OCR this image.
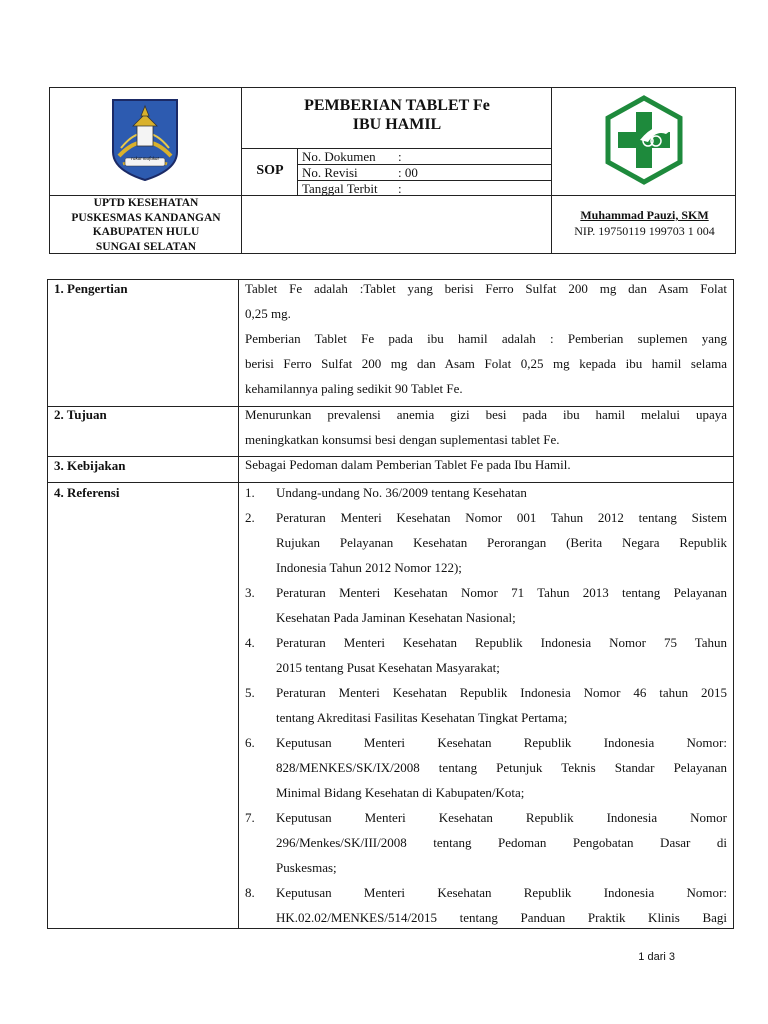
rakat mufakat
PEMBERIAN TABLET Fe
IBU HAMIL
SOP
No. Dokumen :
No. Revisi	: 00
Tanggal Terbit :
UPTD KESEHATAN
PUSKESMAS KANDANGAN
KABUPATEN HULU
SUNGAI SELATAN
Muhammad Pauzi, SKM
NIP. 19750119 199703 1 004
1. Pengertian	Tablet Fe adalah :Tablet yang berisi Ferro Sulfat 200 mg dan Asam Folat
0,25 mg.
Pemberian Tablet Fe pada ibu hamil adalah : Pemberian suplemen yang
berisi Ferro Sulfat 200 mg dan Asam Folat 0,25 mg kepada ibu hamil selama
kehamilannya paling sedikit 90 Tablet Fe.
2. Tujuan	Menurunkan prevalensi anemia gizi besi pada ibu hamil melalui upaya
meningkatkan konsumsi besi dengan suplementasi tablet Fe.
3. Kebijakan	Sebagai Pedoman dalam Pemberian Tablet Fe pada Ibu Hamil.
4. Referensi	1.	Undang-undang No. 36/2009 tentang Kesehatan
2.	Peraturan Menteri Kesehatan Nomor 001 Tahun 2012 tentang Sistem
Rujukan Pelayanan Kesehatan Perorangan (Berita Negara Republik
Indonesia Tahun 2012 Nomor 122);
3.	Peraturan Menteri Kesehatan Nomor 71 Tahun 2013 tentang Pelayanan
Kesehatan Pada Jaminan Kesehatan Nasional;
4.	Peraturan Menteri Kesehatan Republik Indonesia Nomor 75 Tahun
2015 tentang Pusat Kesehatan Masyarakat;
5.	Peraturan Menteri Kesehatan Republik Indonesia Nomor 46 tahun 2015
tentang Akreditasi Fasilitas Kesehatan Tingkat Pertama;
6.	Keputusan Menteri Kesehatan Republik Indonesia Nomor:
828/MENKES/SK/IX/2008 tentang Petunjuk Teknis Standar Pelayanan
Minimal Bidang Kesehatan di Kabupaten/Kota;
7.	Keputusan Menteri Kesehatan Republik Indonesia Nomor
296/Menkes/SK/III/2008 tentang Pedoman Pengobatan Dasar di
Puskesmas;
8.	Keputusan Menteri Kesehatan Republik Indonesia Nomor:
HK.02.02/MENKES/514/2015 tentang Panduan Praktik Klinis Bagi
1 dari 3
